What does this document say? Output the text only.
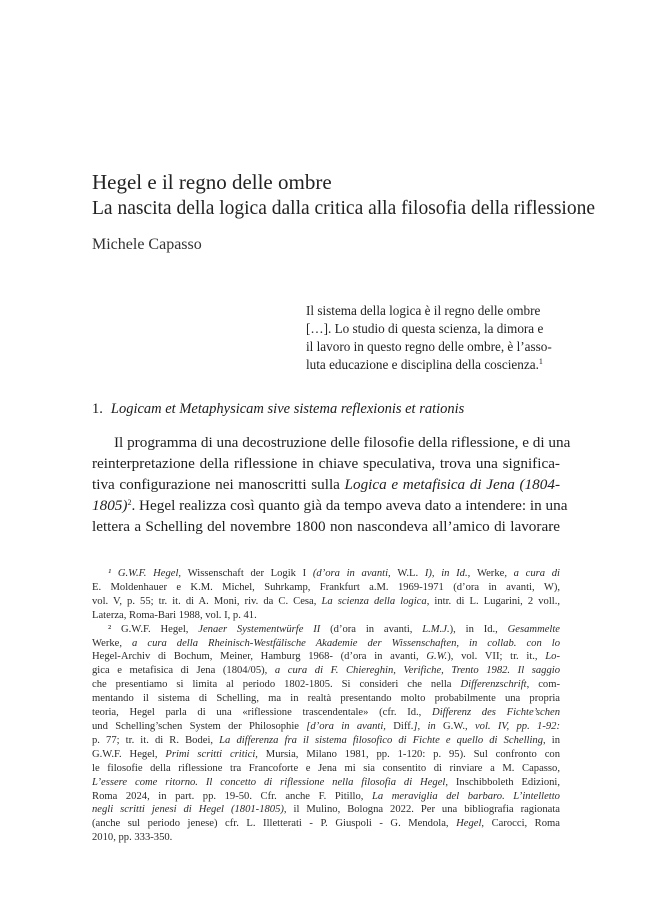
Hegel e il regno delle ombre
La nascita della logica dalla critica alla filosofia della riflessione
Michele Capasso
Il sistema della logica è il regno delle ombre
[…]. Lo studio di questa scienza, la dimora e
il lavoro in questo regno delle ombre, è l’asso-
luta educazione e disciplina della coscienza.$^1$
1. Logicam et Metaphysicam sive sistema reflexionis et rationis
Il programma di una decostruzione delle filosofie della riflessione, e di una
reinterpretazione della riflessione in chiave speculativa, trova una significa-
tiva configurazione nei manoscritti sulla Logica e metafisica di Jena (1804-
1805)$^2$. Hegel realizza così quanto già da tempo aveva dato a intendere: in una
lettera a Schelling del novembre 1800 non nascondeva all’amico di lavorare
¹ G.W.F. Hegel, Wissenschaft der Logik I (d’ora in avanti, W.L. I), in Id., Werke, a cura di
E. Moldenhauer e K.M. Michel, Suhrkamp, Frankfurt a.M. 1969-1971 (d’ora in avanti, W),
vol. V, p. 55; tr. it. di A. Moni, riv. da C. Cesa, La scienza della logica, intr. di L. Lugarini, 2 voll.,
Laterza, Roma-Bari 1988, vol. I, p. 41.
² G.W.F. Hegel, Jenaer Systementwürfe II (d’ora in avanti, L.M.J.), in Id., Gesammelte
Werke, a cura della Rheinisch-Westfälische Akademie der Wissenschaften, in collab. con lo
Hegel-Archiv di Bochum, Meiner, Hamburg 1968- (d’ora in avanti, G.W.), vol. VII; tr. it., Lo-
gica e metafisica di Jena (1804/05), a cura di F. Chiereghin, Verifiche, Trento 1982. Il saggio
che presentiamo si limita al periodo 1802-1805. Si consideri che nella Differenzschrift, com-
mentando il sistema di Schelling, ma in realtà presentando molto probabilmente una propria
teoria, Hegel parla di una «riflessione trascendentale» (cfr. Id., Differenz des Fichte’schen
und Schelling’schen System der Philosophie [d’ora in avanti, Diff.], in G.W., vol. IV, pp. 1-92:
p. 77; tr. it. di R. Bodei, La differenza fra il sistema filosofico di Fichte e quello di Schelling, in
G.W.F. Hegel, Primi scritti critici, Mursia, Milano 1981, pp. 1-120: p. 95). Sul confronto con
le filosofie della riflessione tra Francoforte e Jena mi sia consentito di rinviare a M. Capasso,
L’essere come ritorno. Il concetto di riflessione nella filosofia di Hegel, Inschibboleth Edizioni,
Roma 2024, in part. pp. 19-50. Cfr. anche F. Pitillo, La meraviglia del barbaro. L’intelletto
negli scritti jenesi di Hegel (1801-1805), il Mulino, Bologna 2022. Per una bibliografia ragionata
(anche sul periodo jenese) cfr. L. Illetterati - P. Giuspoli - G. Mendola, Hegel, Carocci, Roma
2010, pp. 333-350.
